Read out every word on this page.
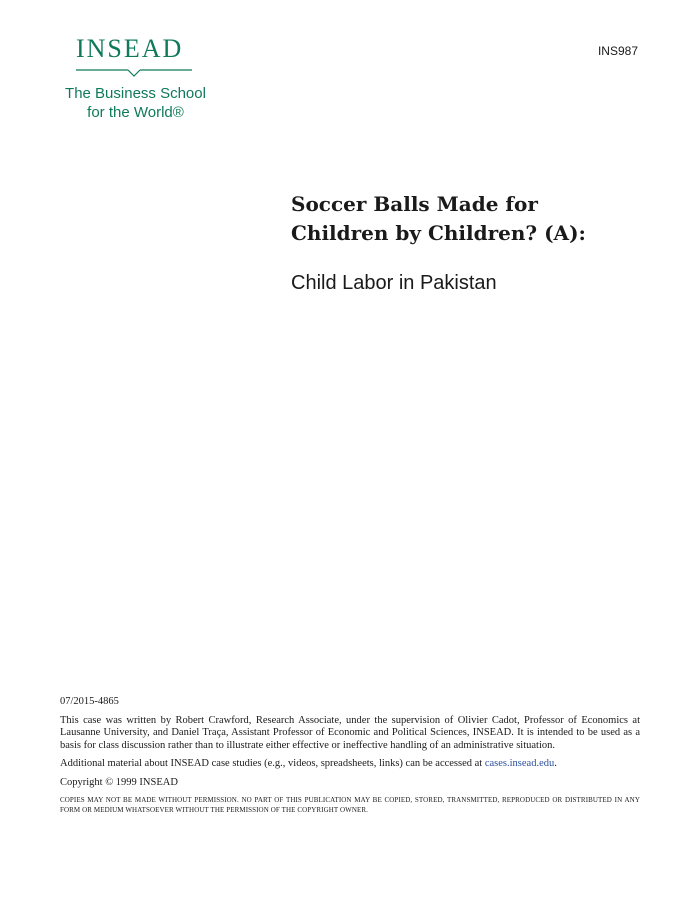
INSEAD
The Business School
for the World®
INS987
Soccer Balls Made for
Children by Children? (A):
Child Labor in Pakistan

07/2015-4865

This case was written by Robert Crawford, Research Associate, under the supervision of Olivier Cadot, Professor of Economics at Lausanne University, and Daniel Traça, Assistant Professor of Economic and Political Sciences, INSEAD. It is intended to be used as a basis for class discussion rather than to illustrate either effective or ineffective handling of an administrative situation.

Additional material about INSEAD case studies (e.g., videos, spreadsheets, links) can be accessed at cases.insead.edu.

Copyright © 1999 INSEAD

COPIES MAY NOT BE MADE WITHOUT PERMISSION. NO PART OF THIS PUBLICATION MAY BE COPIED, STORED, TRANSMITTED, REPRODUCED OR DISTRIBUTED IN ANY FORM OR MEDIUM WHATSOEVER WITHOUT THE PERMISSION OF THE COPYRIGHT OWNER.
